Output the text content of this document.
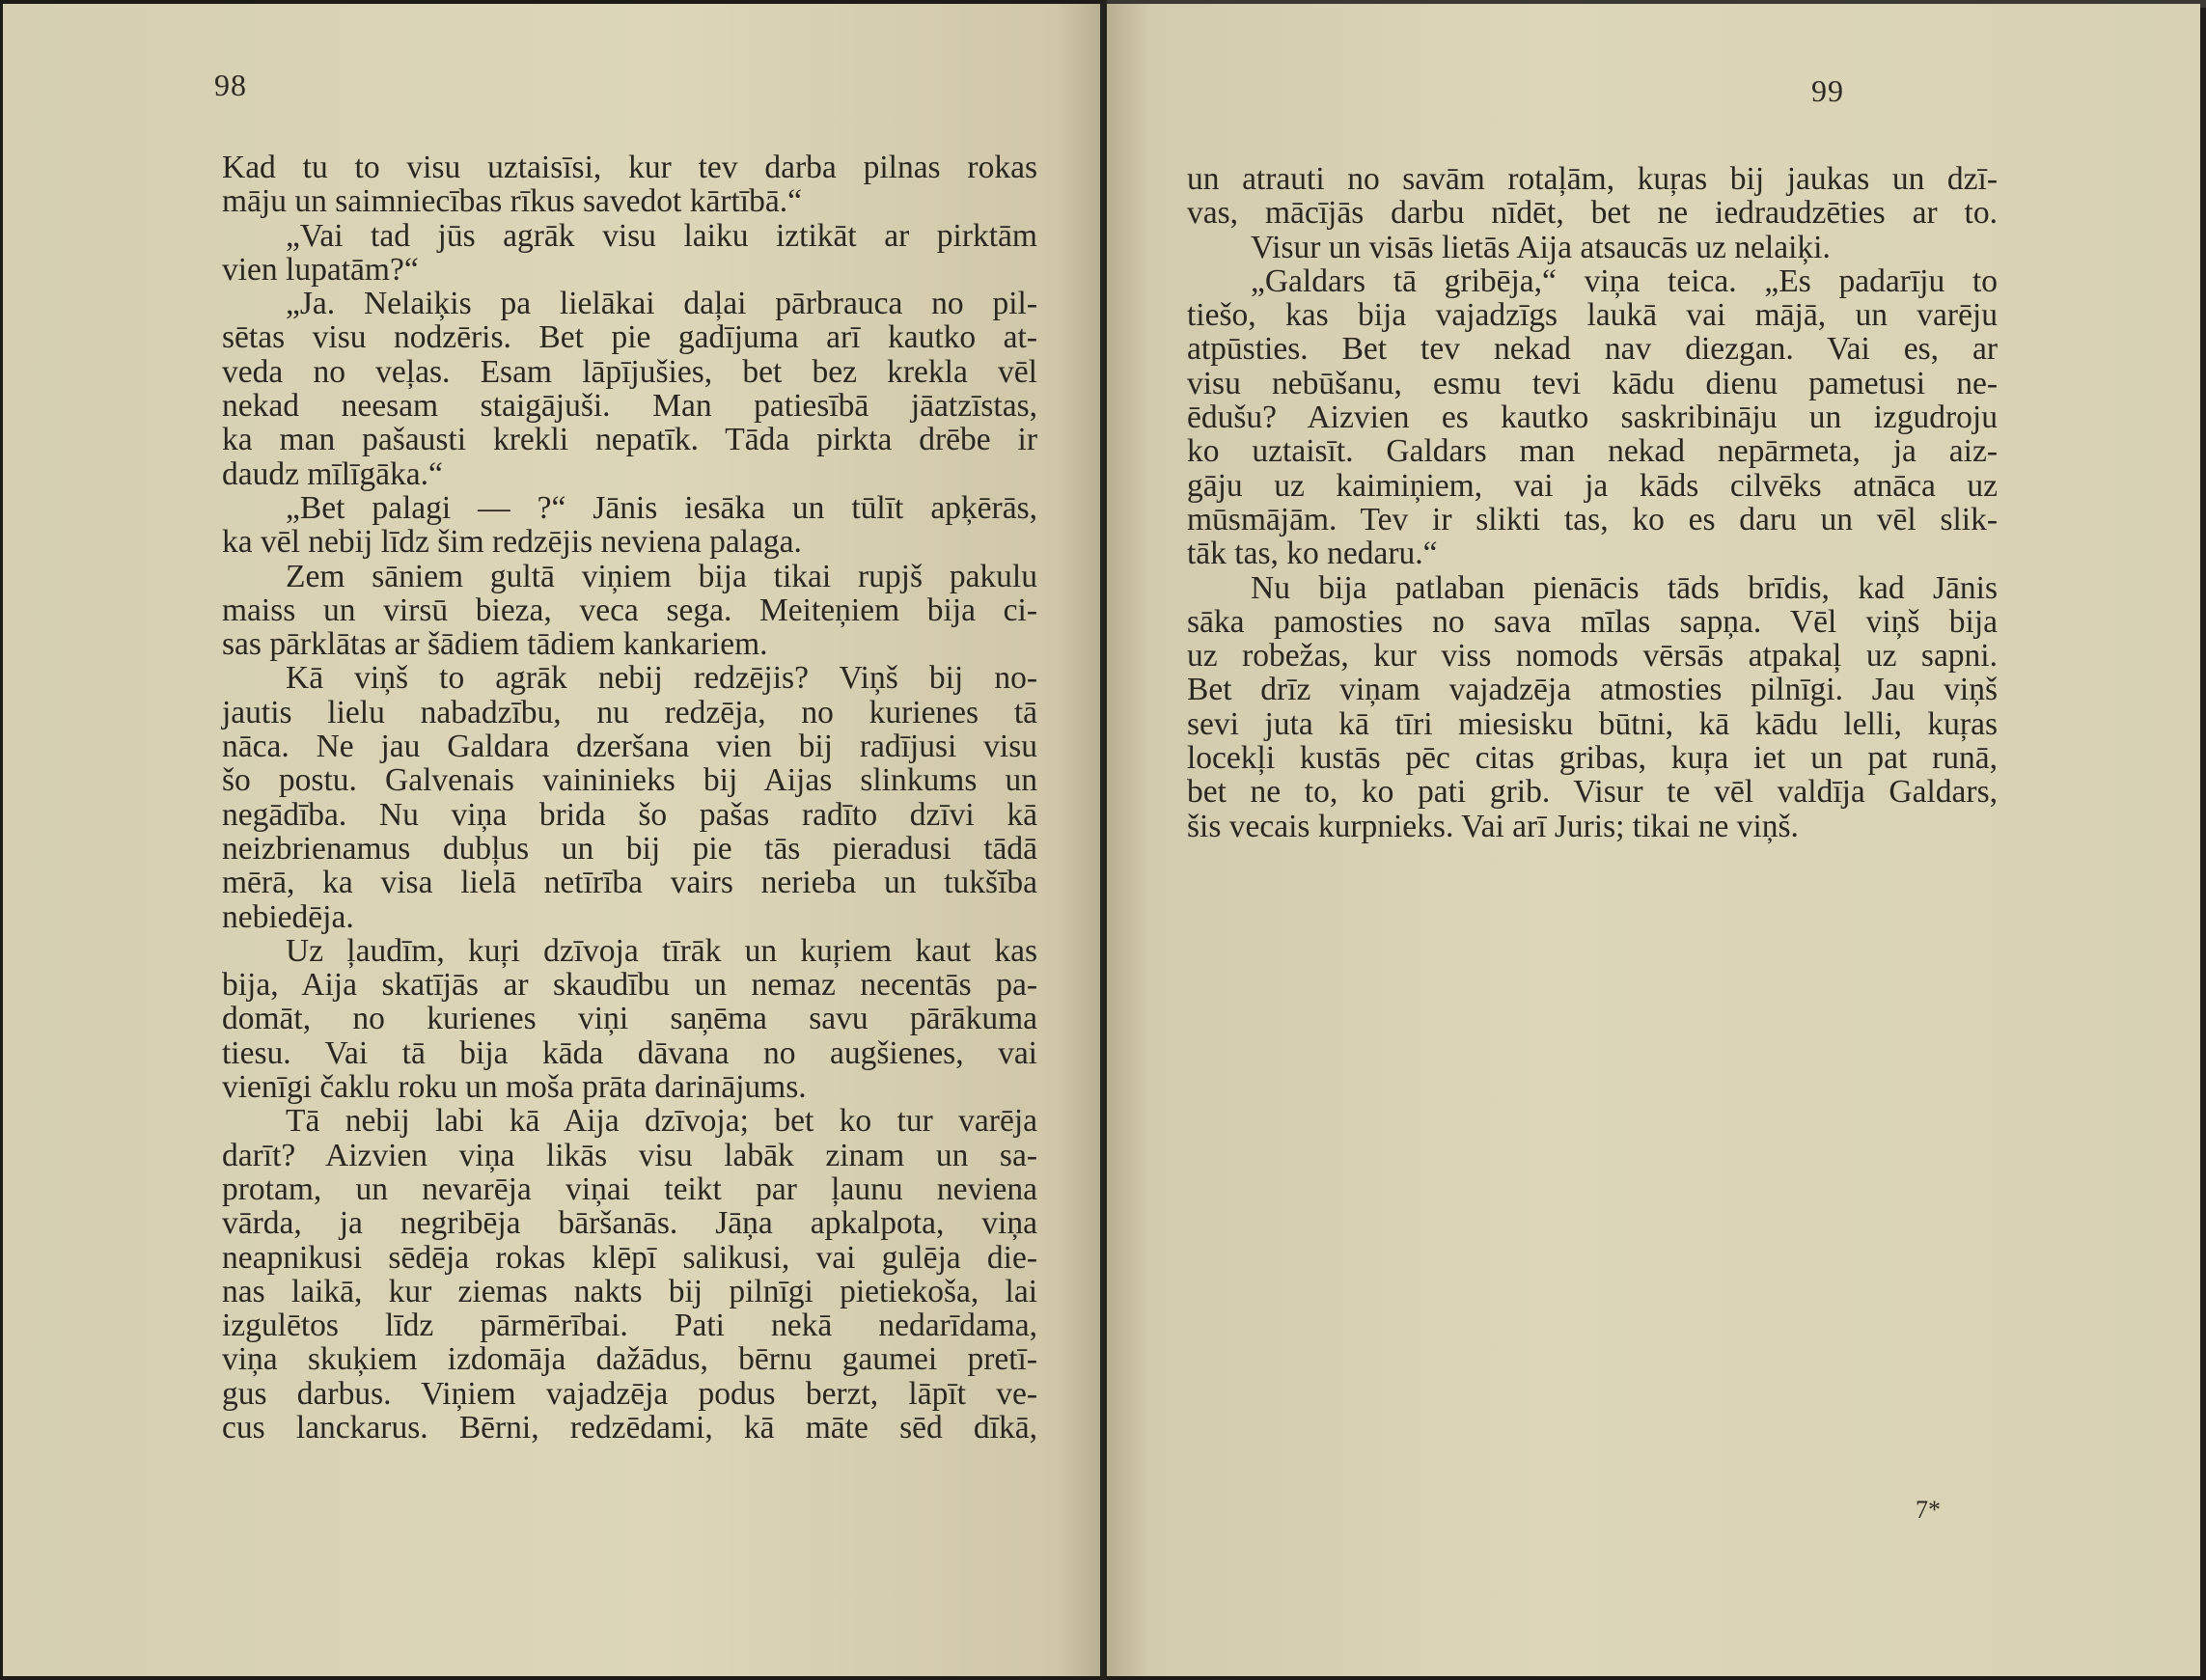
98	99
Kad tu to visu uztaisīsi, kur tev darba pilnas rokas
māju un saimniecības rīkus savedot kārtībā.“
„Vai tad jūs agrāk visu laiku iztikāt ar pirktām
vien lupatām?“
„Ja. Nelaiķis pa lielākai daļai pārbrauca no pil-
sētas visu nodzēris. Bet pie gadījuma arī kautko at-
veda no veļas. Esam lāpījušies, bet bez krekla vēl
nekad neesam staigājuši. Man patiesībā jāatzīstas,
ka man pašausti krekli nepatīk. Tāda pirkta drēbe ir
daudz mīlīgāka.“
„Bet palagi — ?“ Jānis iesāka un tūlīt apķērās,
ka vēl nebij līdz šim redzējis neviena palaga.
Zem sāniem gultā viņiem bija tikai rupjš pakulu
maiss un virsū bieza, veca sega. Meiteņiem bija ci-
sas pārklātas ar šādiem tādiem kankariem.
Kā viņš to agrāk nebij redzējis? Viņš bij no-
jautis lielu nabadzību, nu redzēja, no kurienes tā
nāca. Ne jau Galdara dzeršana vien bij radījusi visu
šo postu. Galvenais vaininieks bij Aijas slinkums un
negādība. Nu viņa brida šo pašas radīto dzīvi kā
neizbrienamus dubļus un bij pie tās pieradusi tādā
mērā, ka visa lielā netīrība vairs nerieba un tukšība
nebiedēja.
Uz ļaudīm, kuŗi dzīvoja tīrāk un kuŗiem kaut kas
bija, Aija skatījās ar skaudību un nemaz necentās pa-
domāt, no kurienes viņi saņēma savu pārākuma
tiesu. Vai tā bija kāda dāvana no augšienes, vai
vienīgi čaklu roku un moša prāta darinājums.
Tā nebij labi kā Aija dzīvoja; bet ko tur varēja
darīt? Aizvien viņa likās visu labāk zinam un sa-
protam, un nevarēja viņai teikt par ļaunu neviena
vārda, ja negribēja bāršanās. Jāņa apkalpota, viņa
neapnikusi sēdēja rokas klēpī salikusi, vai gulēja die-
nas laikā, kur ziemas nakts bij pilnīgi pietiekoša, lai
izgulētos līdz pārmērībai. Pati nekā nedarīdama,
viņa skuķiem izdomāja dažādus, bērnu gaumei pretī-
gus darbus. Viņiem vajadzēja podus berzt, lāpīt ve-
cus lanckarus. Bērni, redzēdami, kā māte sēd dīkā,
un atrauti no savām rotaļām, kuŗas bij jaukas un dzī-
vas, mācījās darbu nīdēt, bet ne iedraudzēties ar to.
Visur un visās lietās Aija atsaucās uz nelaiķi.
„Galdars tā gribēja,“ viņa teica. „Es padarīju to
tiešo, kas bija vajadzīgs laukā vai mājā, un varēju
atpūsties. Bet tev nekad nav diezgan. Vai es, ar
visu nebūšanu, esmu tevi kādu dienu pametusi ne-
ēdušu? Aizvien es kautko saskribināju un izgudroju
ko uztaisīt. Galdars man nekad nepārmeta, ja aiz-
gāju uz kaimiņiem, vai ja kāds cilvēks atnāca uz
mūsmājām. Tev ir slikti tas, ko es daru un vēl slik-
tāk tas, ko nedaru.“
Nu bija patlaban pienācis tāds brīdis, kad Jānis
sāka pamosties no sava mīlas sapņa. Vēl viņš bija
uz robežas, kur viss nomods vērsās atpakaļ uz sapni.
Bet drīz viņam vajadzēja atmosties pilnīgi. Jau viņš
sevi juta kā tīri miesisku būtni, kā kādu lelli, kuŗas
locekļi kustās pēc citas gribas, kuŗa iet un pat runā,
bet ne to, ko pati grib. Visur te vēl valdīja Galdars,
šis vecais kurpnieks. Vai arī Juris; tikai ne viņš.
7*
